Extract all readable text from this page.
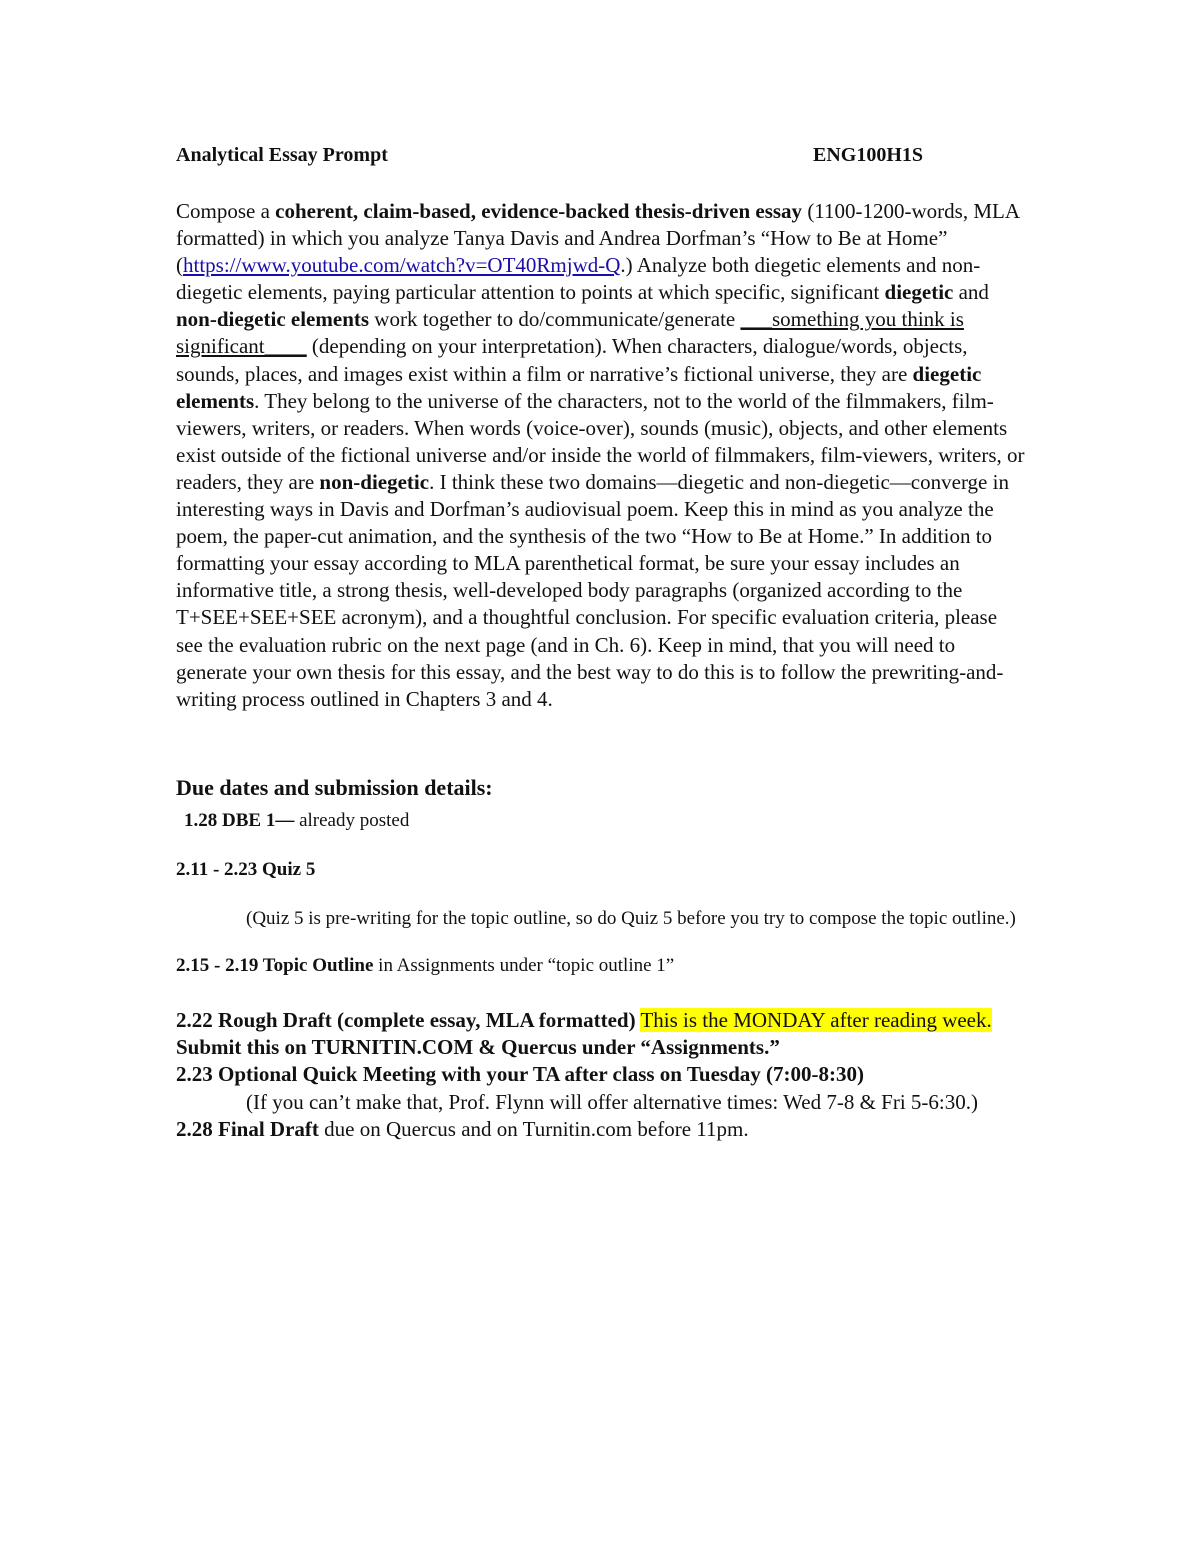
Analytical Essay Prompt	ENG100H1S
Compose a coherent, claim-based, evidence-backed thesis-driven essay (1100-1200-words, MLA formatted) in which you analyze Tanya Davis and Andrea Dorfman’s “How to Be at Home” (https://www.youtube.com/watch?v=OT40Rmjwd-Q.) Analyze both diegetic elements and non-diegetic elements, paying particular attention to points at which specific, significant diegetic and non-diegetic elements work together to do/communicate/generate ___something you think is significant____ (depending on your interpretation). When characters, dialogue/words, objects, sounds, places, and images exist within a film or narrative’s fictional universe, they are diegetic elements. They belong to the universe of the characters, not to the world of the filmmakers, film-viewers, writers, or readers. When words (voice-over), sounds (music), objects, and other elements exist outside of the fictional universe and/or inside the world of filmmakers, film-viewers, writers, or readers, they are non-diegetic. I think these two domains—diegetic and non-diegetic—converge in interesting ways in Davis and Dorfman’s audiovisual poem. Keep this in mind as you analyze the poem, the paper-cut animation, and the synthesis of the two “How to Be at Home.” In addition to formatting your essay according to MLA parenthetical format, be sure your essay includes an informative title, a strong thesis, well-developed body paragraphs (organized according to the T+SEE+SEE+SEE acronym), and a thoughtful conclusion. For specific evaluation criteria, please see the evaluation rubric on the next page (and in Ch. 6). Keep in mind, that you will need to generate your own thesis for this essay, and the best way to do this is to follow the prewriting-and-writing process outlined in Chapters 3 and 4.
Due dates and submission details:
1.28 DBE 1— already posted
2.11 - 2.23 Quiz 5
(Quiz 5 is pre-writing for the topic outline, so do Quiz 5 before you try to compose the topic outline.)
2.15 - 2.19 Topic Outline in Assignments under “topic outline 1”
2.22 Rough Draft (complete essay, MLA formatted) This is the MONDAY after reading week. Submit this on TURNITIN.COM & Quercus under “Assignments.”
2.23 Optional Quick Meeting with your TA after class on Tuesday (7:00-8:30)
(If you can’t make that, Prof. Flynn will offer alternative times: Wed 7-8 & Fri 5-6:30.)
2.28 Final Draft due on Quercus and on Turnitin.com before 11pm.
